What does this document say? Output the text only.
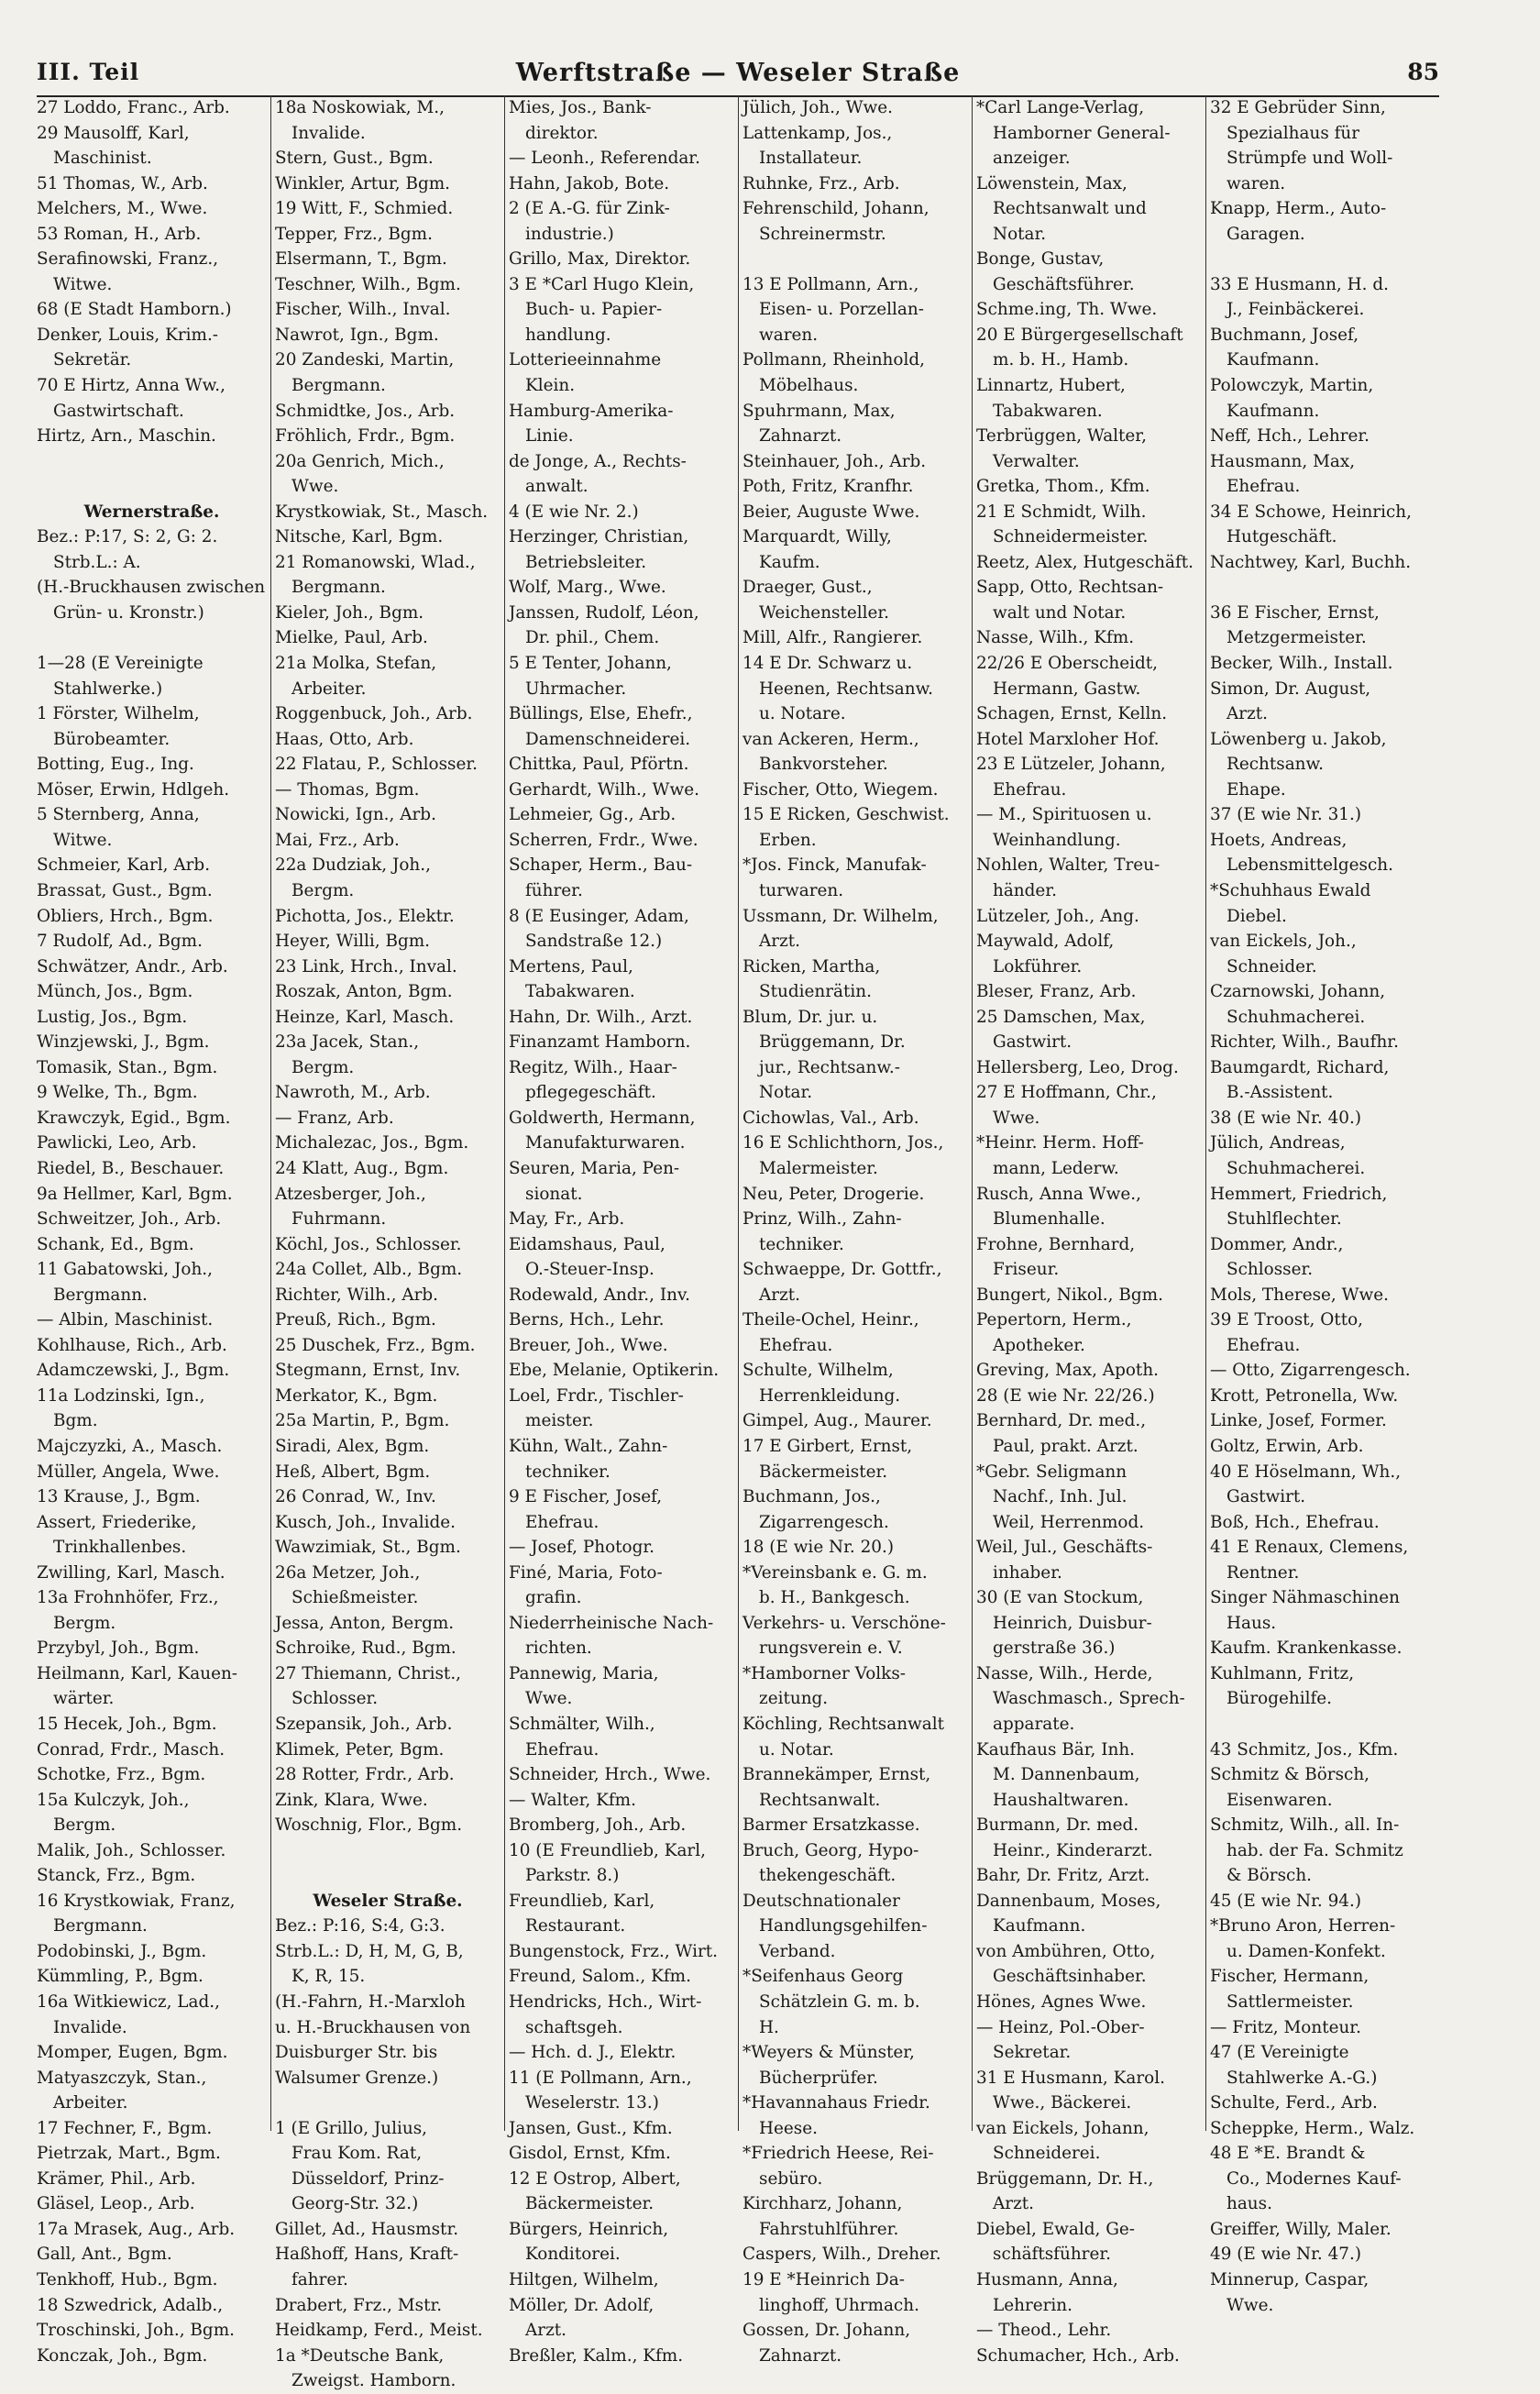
III. Teil	Werftstraße — Weseler Straße	85
27 Loddo, Franc., Arb.
29 Mausolff, Karl,
Maschinist.
51 Thomas, W., Arb.
Melchers, M., Wwe.
53 Roman, H., Arb.
Serafinowski, Franz.,
Witwe.
68 (E Stadt Hamborn.)
Denker, Louis, Krim.-
Sekretär.
70 E Hirtz, Anna Ww.,
Gastwirtschaft.
Hirtz, Arn., Maschin.
Wernerstraße.
Bez.: P:17, S: 2, G: 2.
Strb.L.: A.
(H.-Bruckhausen zwischen
Grün- u. Kronstr.)
1—28 (E Vereinigte
Stahlwerke.)
1 Förster, Wilhelm,
Bürobeamter.
Botting, Eug., Ing.
Möser, Erwin, Hdlgeh.
5 Sternberg, Anna,
Witwe.
Schmeier, Karl, Arb.
Brassat, Gust., Bgm.
Obliers, Hrch., Bgm.
7 Rudolf, Ad., Bgm.
Schwätzer, Andr., Arb.
Münch, Jos., Bgm.
Lustig, Jos., Bgm.
Winzjewski, J., Bgm.
Tomasik, Stan., Bgm.
9 Welke, Th., Bgm.
Krawczyk, Egid., Bgm.
Pawlicki, Leo, Arb.
Riedel, B., Beschauer.
9a Hellmer, Karl, Bgm.
Schweitzer, Joh., Arb.
Schank, Ed., Bgm.
11 Gabatowski, Joh.,
Bergmann.
— Albin, Maschinist.
Kohlhause, Rich., Arb.
Adamczewski, J., Bgm.
11a Lodzinski, Ign.,
Bgm.
Majczyzki, A., Masch.
Müller, Angela, Wwe.
13 Krause, J., Bgm.
Assert, Friederike,
Trinkhallenbes.
Zwilling, Karl, Masch.
13a Frohnhöfer, Frz.,
Bergm.
Przybyl, Joh., Bgm.
Heilmann, Karl, Kauen-
wärter.
15 Hecek, Joh., Bgm.
Conrad, Frdr., Masch.
Schotke, Frz., Bgm.
15a Kulczyk, Joh.,
Bergm.
Malik, Joh., Schlosser.
Stanck, Frz., Bgm.
16 Krystkowiak, Franz,
Bergmann.
Podobinski, J., Bgm.
Kümmling, P., Bgm.
16a Witkiewicz, Lad.,
Invalide.
Momper, Eugen, Bgm.
Matyaszczyk, Stan.,
Arbeiter.
17 Fechner, F., Bgm.
Pietrzak, Mart., Bgm.
Krämer, Phil., Arb.
Gläsel, Leop., Arb.
17a Mrasek, Aug., Arb.
Gall, Ant., Bgm.
Tenkhoff, Hub., Bgm.
18 Szwedrick, Adalb.,
Troschinski, Joh., Bgm.
Konczak, Joh., Bgm.
18a Noskowiak, M.,
Invalide.
Stern, Gust., Bgm.
Winkler, Artur, Bgm.
19 Witt, F., Schmied.
Tepper, Frz., Bgm.
Elsermann, T., Bgm.
Teschner, Wilh., Bgm.
Fischer, Wilh., Inval.
Nawrot, Ign., Bgm.
20 Zandeski, Martin,
Bergmann.
Schmidtke, Jos., Arb.
Fröhlich, Frdr., Bgm.
20a Genrich, Mich.,
Wwe.
Krystkowiak, St., Masch.
Nitsche, Karl, Bgm.
21 Romanowski, Wlad.,
Bergmann.
Kieler, Joh., Bgm.
Mielke, Paul, Arb.
21a Molka, Stefan,
Arbeiter.
Roggenbuck, Joh., Arb.
Haas, Otto, Arb.
22 Flatau, P., Schlosser.
— Thomas, Bgm.
Nowicki, Ign., Arb.
Mai, Frz., Arb.
22a Dudziak, Joh.,
Bergm.
Pichotta, Jos., Elektr.
Heyer, Willi, Bgm.
23 Link, Hrch., Inval.
Roszak, Anton, Bgm.
Heinze, Karl, Masch.
23a Jacek, Stan.,
Bergm.
Nawroth, M., Arb.
— Franz, Arb.
Michalezac, Jos., Bgm.
24 Klatt, Aug., Bgm.
Atzesberger, Joh.,
Fuhrmann.
Köchl, Jos., Schlosser.
24a Collet, Alb., Bgm.
Richter, Wilh., Arb.
Preuß, Rich., Bgm.
25 Duschek, Frz., Bgm.
Stegmann, Ernst, Inv.
Merkator, K., Bgm.
25a Martin, P., Bgm.
Siradi, Alex, Bgm.
Heß, Albert, Bgm.
26 Conrad, W., Inv.
Kusch, Joh., Invalide.
Wawzimiak, St., Bgm.
26a Metzer, Joh.,
Schießmeister.
Jessa, Anton, Bergm.
Schroike, Rud., Bgm.
27 Thiemann, Christ.,
Schlosser.
Szepansik, Joh., Arb.
Klimek, Peter, Bgm.
28 Rotter, Frdr., Arb.
Zink, Klara, Wwe.
Woschnig, Flor., Bgm.
Weseler Straße.
Bez.: P:16, S:4, G:3.
Strb.L.: D, H, M, G, B,
K, R, 15.
(H.-Fahrn, H.-Marxloh
u. H.-Bruckhausen von
Duisburger Str. bis
Walsumer Grenze.)
1 (E Grillo, Julius,
Frau Kom. Rat,
Düsseldorf, Prinz-
Georg-Str. 32.)
Gillet, Ad., Hausmstr.
Haßhoff, Hans, Kraft-
fahrer.
Drabert, Frz., Mstr.
Heidkamp, Ferd., Meist.
1a *Deutsche Bank,
Zweigst. Hamborn.
Mies, Jos., Bank-
direktor.
— Leonh., Referendar.
Hahn, Jakob, Bote.
2 (E A.-G. für Zink-
industrie.)
Grillo, Max, Direktor.
3 E *Carl Hugo Klein,
Buch- u. Papier-
handlung.
Lotterieeinnahme
Klein.
Hamburg-Amerika-
Linie.
de Jonge, A., Rechts-
anwalt.
4 (E wie Nr. 2.)
Herzinger, Christian,
Betriebsleiter.
Wolf, Marg., Wwe.
Janssen, Rudolf, Léon,
Dr. phil., Chem.
5 E Tenter, Johann,
Uhrmacher.
Büllings, Else, Ehefr.,
Damenschneiderei.
Chittka, Paul, Pförtn.
Gerhardt, Wilh., Wwe.
Lehmeier, Gg., Arb.
Scherren, Frdr., Wwe.
Schaper, Herm., Bau-
führer.
8 (E Eusinger, Adam,
Sandstraße 12.)
Mertens, Paul,
Tabakwaren.
Hahn, Dr. Wilh., Arzt.
Finanzamt Hamborn.
Regitz, Wilh., Haar-
pflegegeschäft.
Goldwerth, Hermann,
Manufakturwaren.
Seuren, Maria, Pen-
sionat.
May, Fr., Arb.
Eidamshaus, Paul,
O.-Steuer-Insp.
Rodewald, Andr., Inv.
Berns, Hch., Lehr.
Breuer, Joh., Wwe.
Ebe, Melanie, Optikerin.
Loel, Frdr., Tischler-
meister.
Kühn, Walt., Zahn-
techniker.
9 E Fischer, Josef,
Ehefrau.
— Josef, Photogr.
Finé, Maria, Foto-
grafin.
Niederrheinische Nach-
richten.
Pannewig, Maria,
Wwe.
Schmälter, Wilh.,
Ehefrau.
Schneider, Hrch., Wwe.
— Walter, Kfm.
Bromberg, Joh., Arb.
10 (E Freundlieb, Karl,
Parkstr. 8.)
Freundlieb, Karl,
Restaurant.
Bungenstock, Frz., Wirt.
Freund, Salom., Kfm.
Hendricks, Hch., Wirt-
schaftsgeh.
— Hch. d. J., Elektr.
11 (E Pollmann, Arn.,
Weselerstr. 13.)
Jansen, Gust., Kfm.
Gisdol, Ernst, Kfm.
12 E Ostrop, Albert,
Bäckermeister.
Bürgers, Heinrich,
Konditorei.
Hiltgen, Wilhelm,
Möller, Dr. Adolf,
Arzt.
Breßler, Kalm., Kfm.
Jülich, Joh., Wwe.
Lattenkamp, Jos.,
Installateur.
Ruhnke, Frz., Arb.
Fehrenschild, Johann,
Schreinermstr.
13 E Pollmann, Arn.,
Eisen- u. Porzellan-
waren.
Pollmann, Rheinhold,
Möbelhaus.
Spuhrmann, Max,
Zahnarzt.
Steinhauer, Joh., Arb.
Poth, Fritz, Kranfhr.
Beier, Auguste Wwe.
Marquardt, Willy,
Kaufm.
Draeger, Gust.,
Weichensteller.
Mill, Alfr., Rangierer.
14 E Dr. Schwarz u.
Heenen, Rechtsanw.
u. Notare.
van Ackeren, Herm.,
Bankvorsteher.
Fischer, Otto, Wiegem.
15 E Ricken, Geschwist.
Erben.
*Jos. Finck, Manufak-
turwaren.
Ussmann, Dr. Wilhelm,
Arzt.
Ricken, Martha,
Studienrätin.
Blum, Dr. jur. u.
Brüggemann, Dr.
jur., Rechtsanw.-
Notar.
Cichowlas, Val., Arb.
16 E Schlichthorn, Jos.,
Malermeister.
Neu, Peter, Drogerie.
Prinz, Wilh., Zahn-
techniker.
Schwaeppe, Dr. Gottfr.,
Arzt.
Theile-Ochel, Heinr.,
Ehefrau.
Schulte, Wilhelm,
Herrenkleidung.
Gimpel, Aug., Maurer.
17 E Girbert, Ernst,
Bäckermeister.
Buchmann, Jos.,
Zigarrengesch.
18 (E wie Nr. 20.)
*Vereinsbank e. G. m.
b. H., Bankgesch.
Verkehrs- u. Verschöne-
rungsverein e. V.
*Hamborner Volks-
zeitung.
Köchling, Rechtsanwalt
u. Notar.
Brannekämper, Ernst,
Rechtsanwalt.
Barmer Ersatzkasse.
Bruch, Georg, Hypo-
thekengeschäft.
Deutschnationaler
Handlungsgehilfen-
Verband.
*Seifenhaus Georg
Schätzlein G. m. b.
H.
*Weyers & Münster,
Bücherprüfer.
*Havannahaus Friedr.
Heese.
*Friedrich Heese, Rei-
sebüro.
Kirchharz, Johann,
Fahrstuhlführer.
Caspers, Wilh., Dreher.
19 E *Heinrich Da-
linghoff, Uhrmach.
Gossen, Dr. Johann,
Zahnarzt.
*Carl Lange-Verlag,
Hamborner General-
anzeiger.
Löwenstein, Max,
Rechtsanwalt und
Notar.
Bonge, Gustav,
Geschäftsführer.
Schme.ing, Th. Wwe.
20 E Bürgergesellschaft
m. b. H., Hamb.
Linnartz, Hubert,
Tabakwaren.
Terbrüggen, Walter,
Verwalter.
Gretka, Thom., Kfm.
21 E Schmidt, Wilh.
Schneidermeister.
Reetz, Alex, Hutgeschäft.
Sapp, Otto, Rechtsan-
walt und Notar.
Nasse, Wilh., Kfm.
22/26 E Oberscheidt,
Hermann, Gastw.
Schagen, Ernst, Kelln.
Hotel Marxloher Hof.
23 E Lützeler, Johann,
Ehefrau.
— M., Spirituosen u.
Weinhandlung.
Nohlen, Walter, Treu-
händer.
Lützeler, Joh., Ang.
Maywald, Adolf,
Lokführer.
Bleser, Franz, Arb.
25 Damschen, Max,
Gastwirt.
Hellersberg, Leo, Drog.
27 E Hoffmann, Chr.,
Wwe.
*Heinr. Herm. Hoff-
mann, Lederw.
Rusch, Anna Wwe.,
Blumenhalle.
Frohne, Bernhard,
Friseur.
Bungert, Nikol., Bgm.
Pepertorn, Herm.,
Apotheker.
Greving, Max, Apoth.
28 (E wie Nr. 22/26.)
Bernhard, Dr. med.,
Paul, prakt. Arzt.
*Gebr. Seligmann
Nachf., Inh. Jul.
Weil, Herrenmod.
Weil, Jul., Geschäfts-
inhaber.
30 (E van Stockum,
Heinrich, Duisbur-
gerstraße 36.)
Nasse, Wilh., Herde,
Waschmasch., Sprech-
apparate.
Kaufhaus Bär, Inh.
M. Dannenbaum,
Haushaltwaren.
Burmann, Dr. med.
Heinr., Kinderarzt.
Bahr, Dr. Fritz, Arzt.
Dannenbaum, Moses,
Kaufmann.
von Ambühren, Otto,
Geschäftsinhaber.
Hönes, Agnes Wwe.
— Heinz, Pol.-Ober-
Sekretar.
31 E Husmann, Karol.
Wwe., Bäckerei.
van Eickels, Johann,
Schneiderei.
Brüggemann, Dr. H.,
Arzt.
Diebel, Ewald, Ge-
schäftsführer.
Husmann, Anna,
Lehrerin.
— Theod., Lehr.
Schumacher, Hch., Arb.
32 E Gebrüder Sinn,
Spezialhaus für
Strümpfe und Woll-
waren.
Knapp, Herm., Auto-
Garagen.
33 E Husmann, H. d.
J., Feinbäckerei.
Buchmann, Josef,
Kaufmann.
Polowczyk, Martin,
Kaufmann.
Neff, Hch., Lehrer.
Hausmann, Max,
Ehefrau.
34 E Schowe, Heinrich,
Hutgeschäft.
Nachtwey, Karl, Buchh.
36 E Fischer, Ernst,
Metzgermeister.
Becker, Wilh., Install.
Simon, Dr. August,
Arzt.
Löwenberg u. Jakob,
Rechtsanw.
Ehape.
37 (E wie Nr. 31.)
Hoets, Andreas,
Lebensmittelgesch.
*Schuhhaus Ewald
Diebel.
van Eickels, Joh.,
Schneider.
Czarnowski, Johann,
Schuhmacherei.
Richter, Wilh., Baufhr.
Baumgardt, Richard,
B.-Assistent.
38 (E wie Nr. 40.)
Jülich, Andreas,
Schuhmacherei.
Hemmert, Friedrich,
Stuhlflechter.
Dommer, Andr.,
Schlosser.
Mols, Therese, Wwe.
39 E Troost, Otto,
Ehefrau.
— Otto, Zigarrengesch.
Krott, Petronella, Ww.
Linke, Josef, Former.
Goltz, Erwin, Arb.
40 E Höselmann, Wh.,
Gastwirt.
Boß, Hch., Ehefrau.
41 E Renaux, Clemens,
Rentner.
Singer Nähmaschinen
Haus.
Kaufm. Krankenkasse.
Kuhlmann, Fritz,
Bürogehilfe.
43 Schmitz, Jos., Kfm.
Schmitz & Börsch,
Eisenwaren.
Schmitz, Wilh., all. In-
hab. der Fa. Schmitz
& Börsch.
45 (E wie Nr. 94.)
*Bruno Aron, Herren-
u. Damen-Konfekt.
Fischer, Hermann,
Sattlermeister.
— Fritz, Monteur.
47 (E Vereinigte
Stahlwerke A.-G.)
Schulte, Ferd., Arb.
Scheppke, Herm., Walz.
48 E *E. Brandt &
Co., Modernes Kauf-
haus.
Greiffer, Willy, Maler.
49 (E wie Nr. 47.)
Minnerup, Caspar,
Wwe.
